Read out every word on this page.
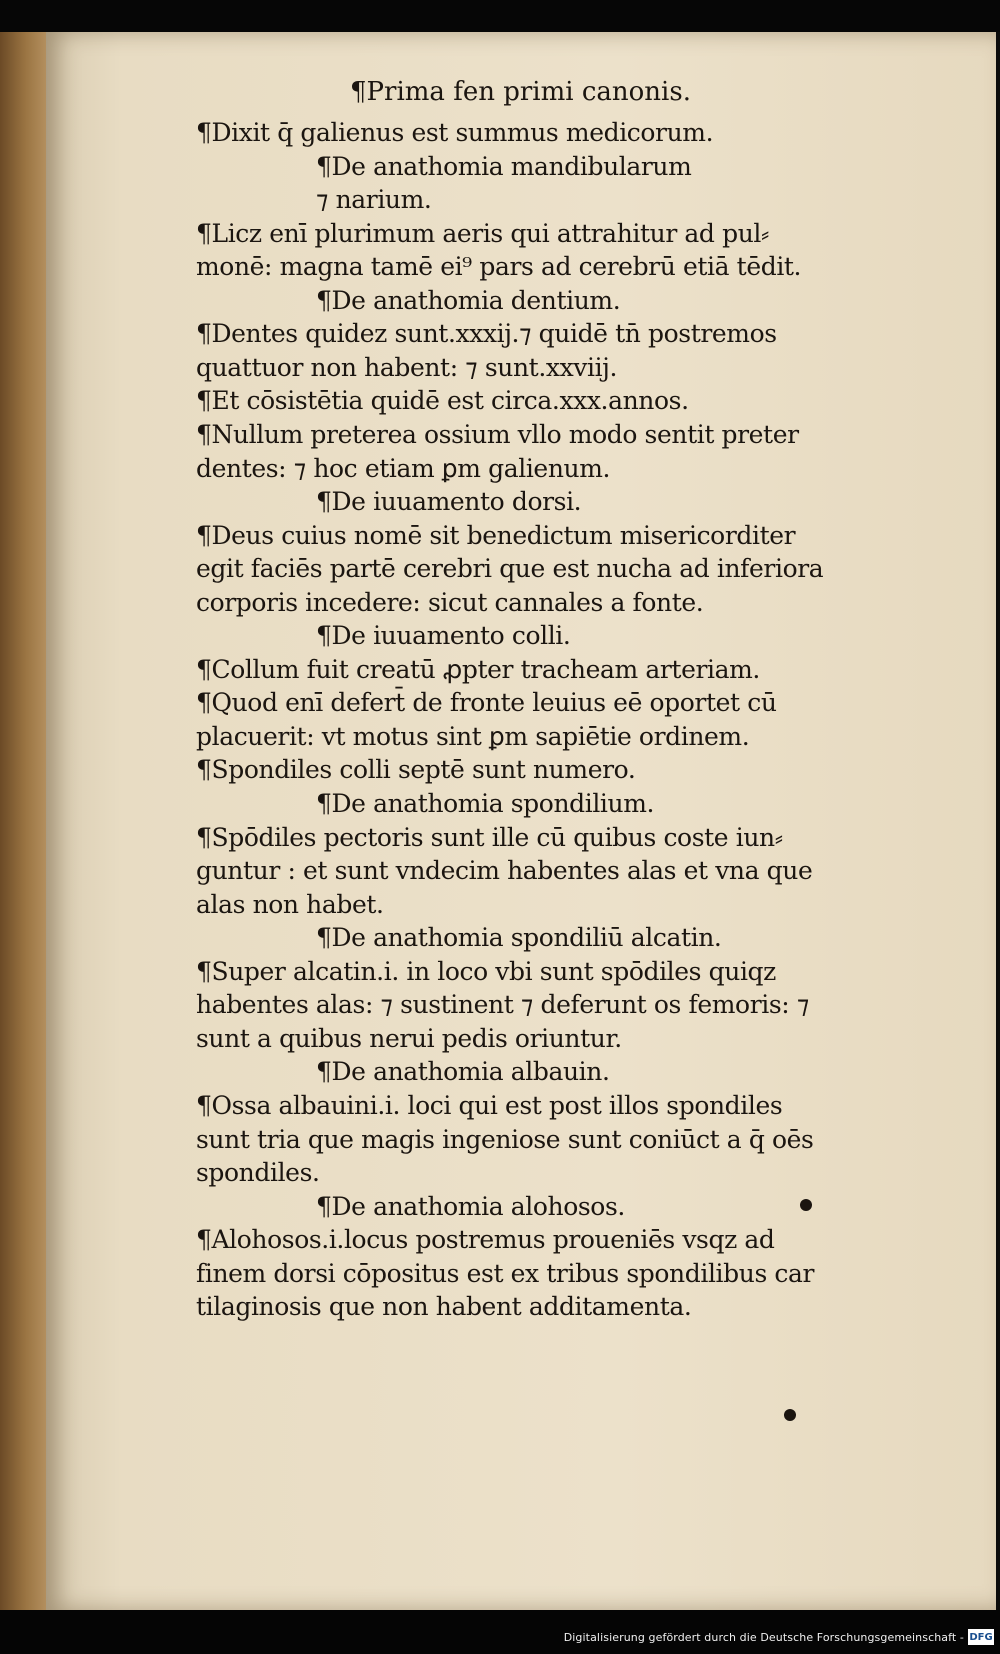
¶Prima fen primi canonis.
¶Dixit q̄ galienus est summus medicorum.
¶De anathomia mandibularum
⁊ narium.
¶Licz enī plurimum aeris qui attrahitur ad pul⸗
monē: magna tamē ei⁹ pars ad cerebrū etiā tēdit.
¶De anathomia dentium.
¶Dentes quidez sunt.xxxij.⁊ quidē tn̄ postremos
quattuor non habent: ⁊ sunt.xxviij.
¶Et cōsistētia quidē est circa.xxx.annos.
¶Nullum preterea ossium vllo modo sentit preter
dentes: ⁊ hoc etiam ꝑm galienum.
¶De iuuamento dorsi.
¶Deus cuius nomē sit benedictum misericorditer
egit faciēs partē cerebri que est nucha ad inferiora
corporis incedere: sicut cannales a fonte.
¶De iuuamento colli.
¶Collum fuit creatū ꝓpter tracheam arteriam.
¶Quod enī defert̄ de fronte leuius eē oportet cū
placuerit: vt motus sint ꝑm sapiētie ordinem.
¶Spondiles colli septē sunt numero.
¶De anathomia spondilium.
¶Spōdiles pectoris sunt ille cū quibus coste iun⸗
guntur : et sunt vndecim habentes alas et vna que
alas non habet.
¶De anathomia spondiliū alcatin.
¶Super alcatin.i. in loco vbi sunt spōdiles quiqz
habentes alas: ⁊ sustinent ⁊ deferunt os femoris: ⁊
sunt a quibus nerui pedis oriuntur.
¶De anathomia albauin.
¶Ossa albauini.i. loci qui est post illos spondiles
sunt tria que magis ingeniose sunt coniūct a q̄ oēs
spondiles.
¶De anathomia alohosos.
¶Alohosos.i.locus postremus proueniēs vsqz ad
finem dorsi cōpositus est ex tribus spondilibus car
tilaginosis que non habent additamenta.
Digitalisierung gefördert durch die Deutsche Forschungsgemeinschaft - DFG
